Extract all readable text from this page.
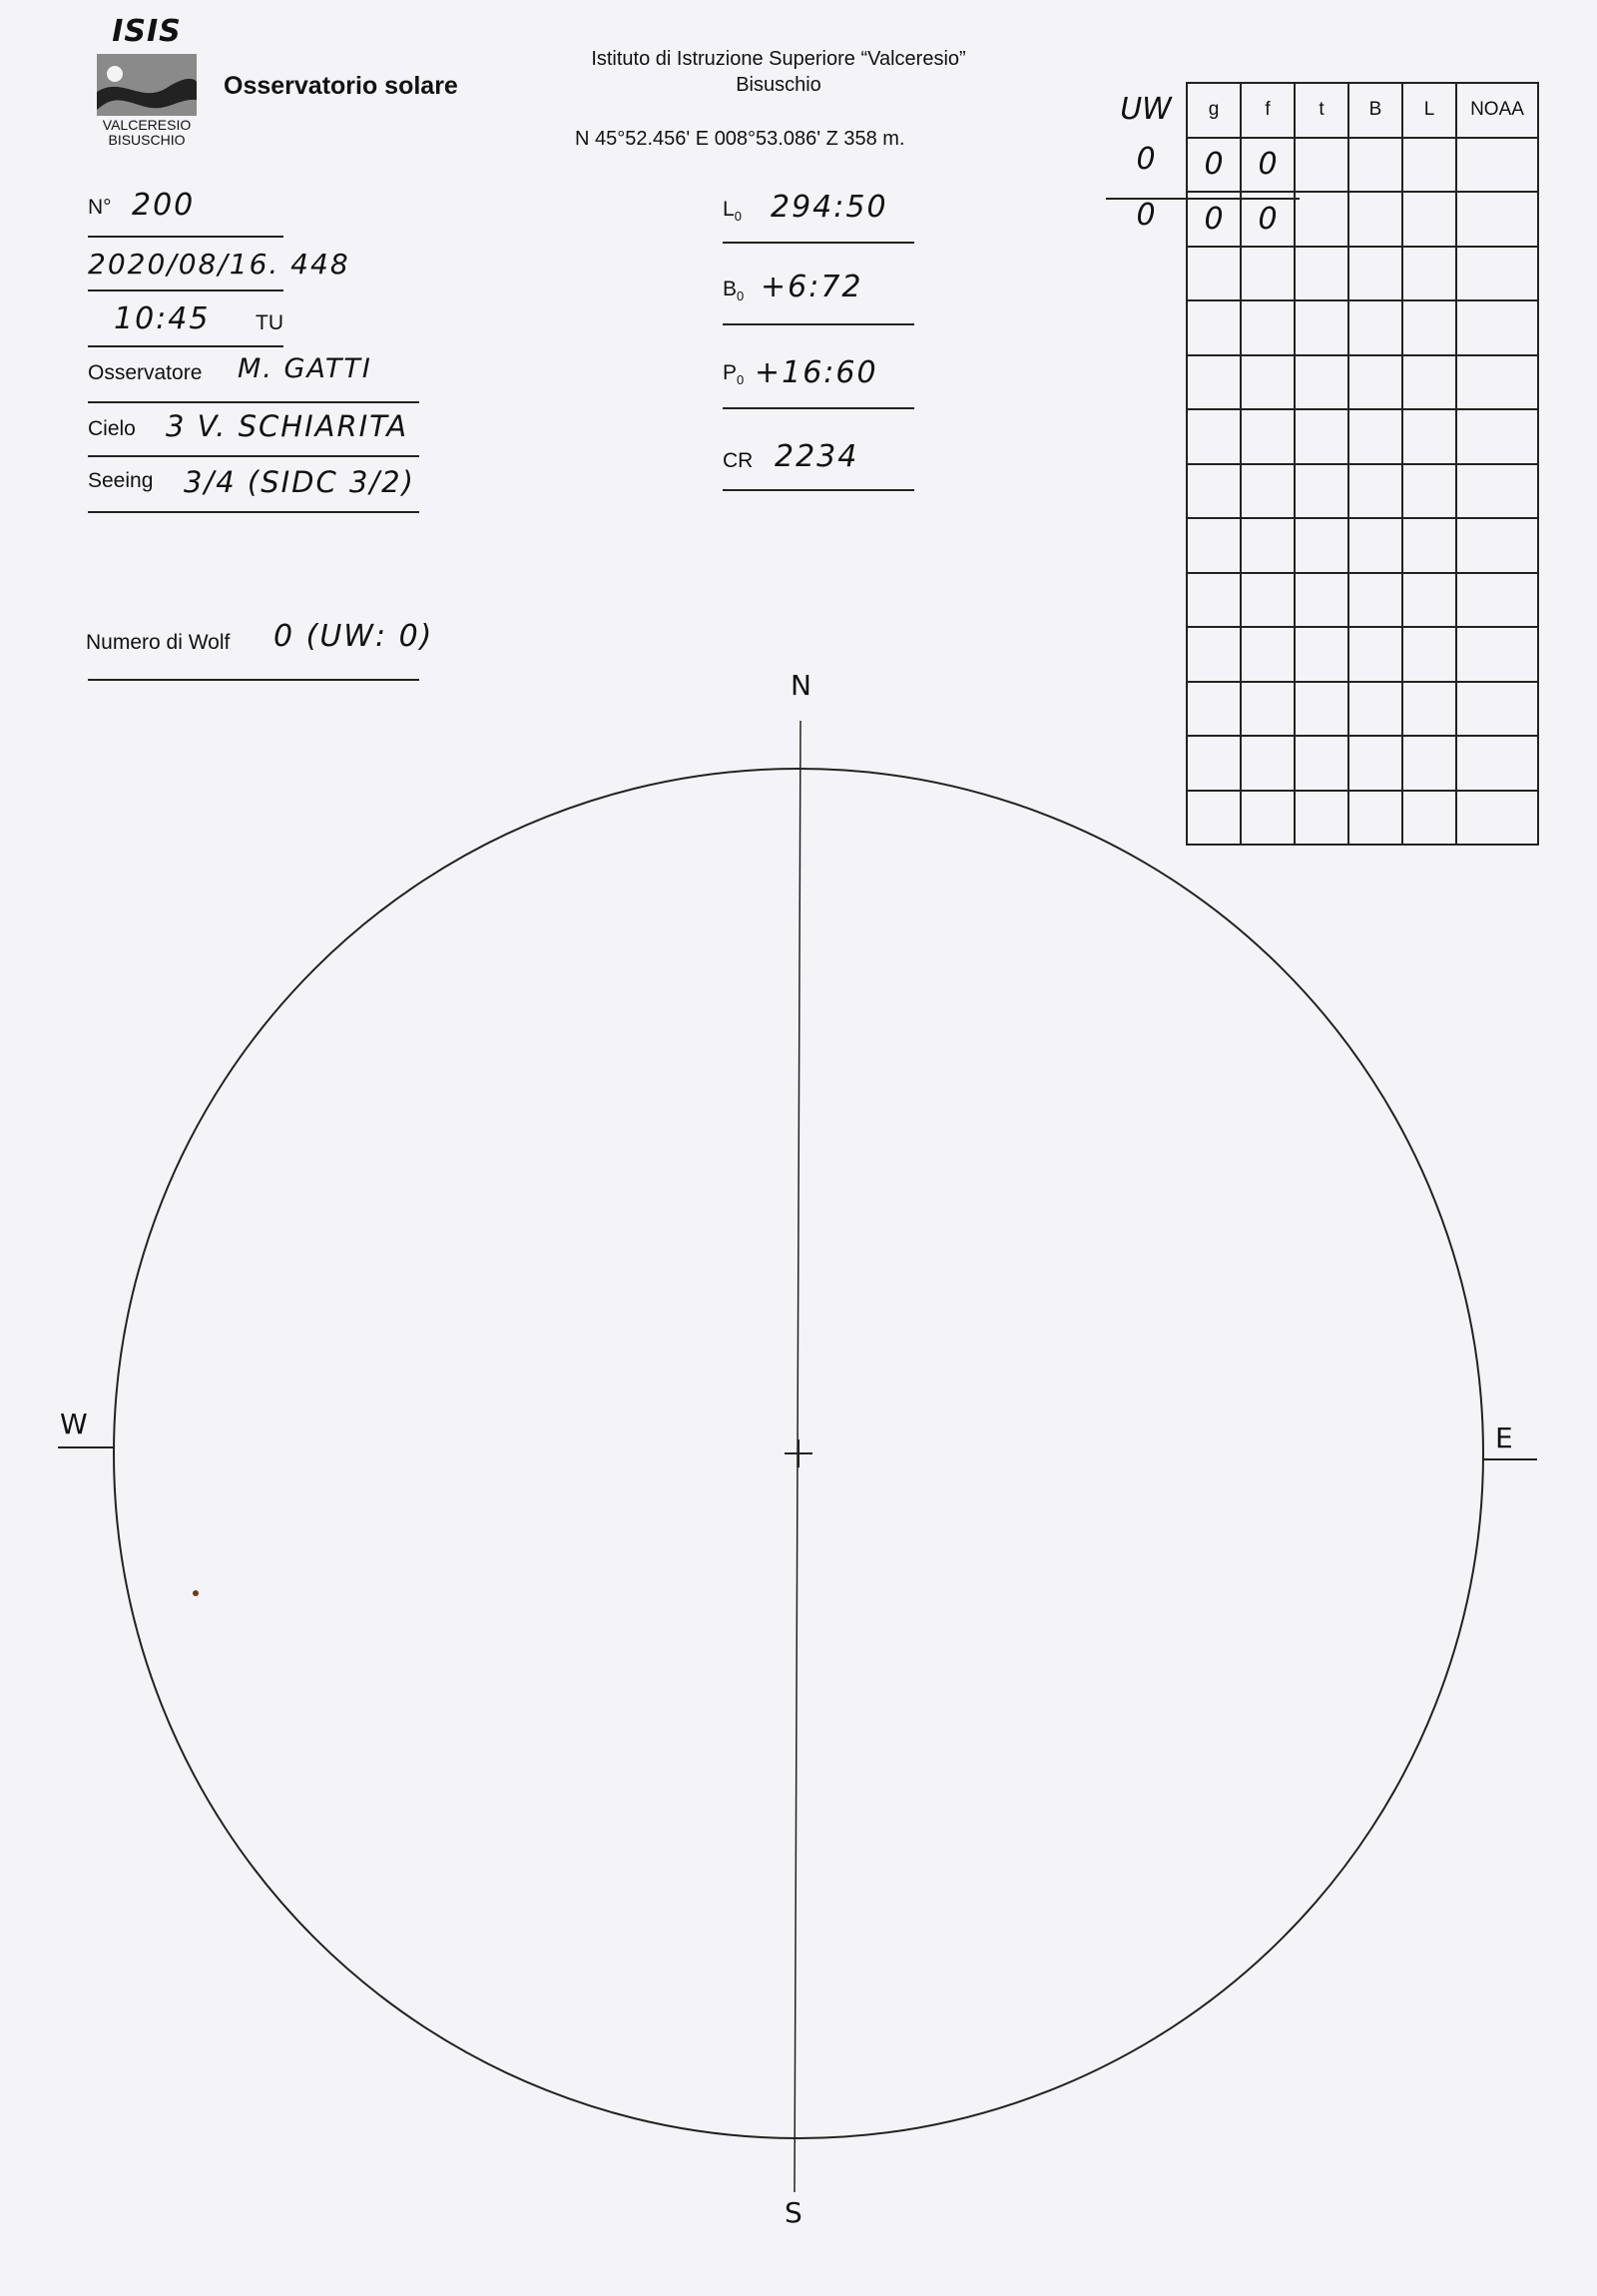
ISIS
VALCERESIO
BISUSCHIO
Osservatorio solare
Istituto di Istruzione Superiore “Valceresio”
Bisuschio
N 45°52.456' E 008°53.086' Z 358 m.
N° 200
2020/08/16. 448
10:45 TU
Osservatore M. GATTI
Cielo 3 V. SCHIARITA
Seeing 3/4 (SIDC 3/2)
Numero di Wolf 0 (UW: 0)
$L_0$ 294:50
$B_0$ +6:72
$P_0$ +16:60
CR 2234
UW
0
0
g	f	t	B	L	NOAA
0	0				
0	0				

N
S
W	E
